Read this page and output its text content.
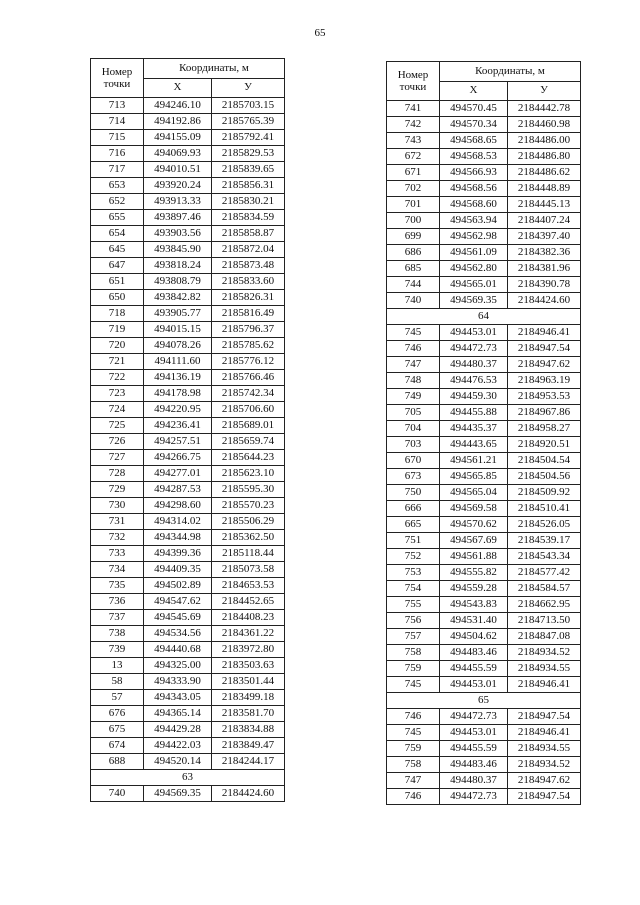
65
Номер
точки	Координаты, м	
	X	У
713	494246.10	2185703.15
714	494192.86	2185765.39
715	494155.09	2185792.41
716	494069.93	2185829.53
717	494010.51	2185839.65
653	493920.24	2185856.31
652	493913.33	2185830.21
655	493897.46	2185834.59
654	493903.56	2185858.87
645	493845.90	2185872.04
647	493818.24	2185873.48
651	493808.79	2185833.60
650	493842.82	2185826.31
718	493905.77	2185816.49
719	494015.15	2185796.37
720	494078.26	2185785.62
721	494111.60	2185776.12
722	494136.19	2185766.46
723	494178.98	2185742.34
724	494220.95	2185706.60
725	494236.41	2185689.01
726	494257.51	2185659.74
727	494266.75	2185644.23
728	494277.01	2185623.10
729	494287.53	2185595.30
730	494298.60	2185570.23
731	494314.02	2185506.29
732	494344.98	2185362.50
733	494399.36	2185118.44
734	494409.35	2185073.58
735	494502.89	2184653.53
736	494547.62	2184452.65
737	494545.69	2184408.23
738	494534.56	2184361.22
739	494440.68	2183972.80
13	494325.00	2183503.63
58	494333.90	2183501.44
57	494343.05	2183499.18
676	494365.14	2183581.70
675	494429.28	2183834.88
674	494422.03	2183849.47
688	494520.14	2184244.17
63		
740	494569.35	2184424.60
Номер
точки	Координаты, м	
	X	У
741	494570.45	2184442.78
742	494570.34	2184460.98
743	494568.65	2184486.00
672	494568.53	2184486.80
671	494566.93	2184486.62
702	494568.56	2184448.89
701	494568.60	2184445.13
700	494563.94	2184407.24
699	494562.98	2184397.40
686	494561.09	2184382.36
685	494562.80	2184381.96
744	494565.01	2184390.78
740	494569.35	2184424.60
64		
745	494453.01	2184946.41
746	494472.73	2184947.54
747	494480.37	2184947.62
748	494476.53	2184963.19
749	494459.30	2184953.53
705	494455.88	2184967.86
704	494435.37	2184958.27
703	494443.65	2184920.51
670	494561.21	2184504.54
673	494565.85	2184504.56
750	494565.04	2184509.92
666	494569.58	2184510.41
665	494570.62	2184526.05
751	494567.69	2184539.17
752	494561.88	2184543.34
753	494555.82	2184577.42
754	494559.28	2184584.57
755	494543.83	2184662.95
756	494531.40	2184713.50
757	494504.62	2184847.08
758	494483.46	2184934.52
759	494455.59	2184934.55
745	494453.01	2184946.41
65		
746	494472.73	2184947.54
745	494453.01	2184946.41
759	494455.59	2184934.55
758	494483.46	2184934.52
747	494480.37	2184947.62
746	494472.73	2184947.54
